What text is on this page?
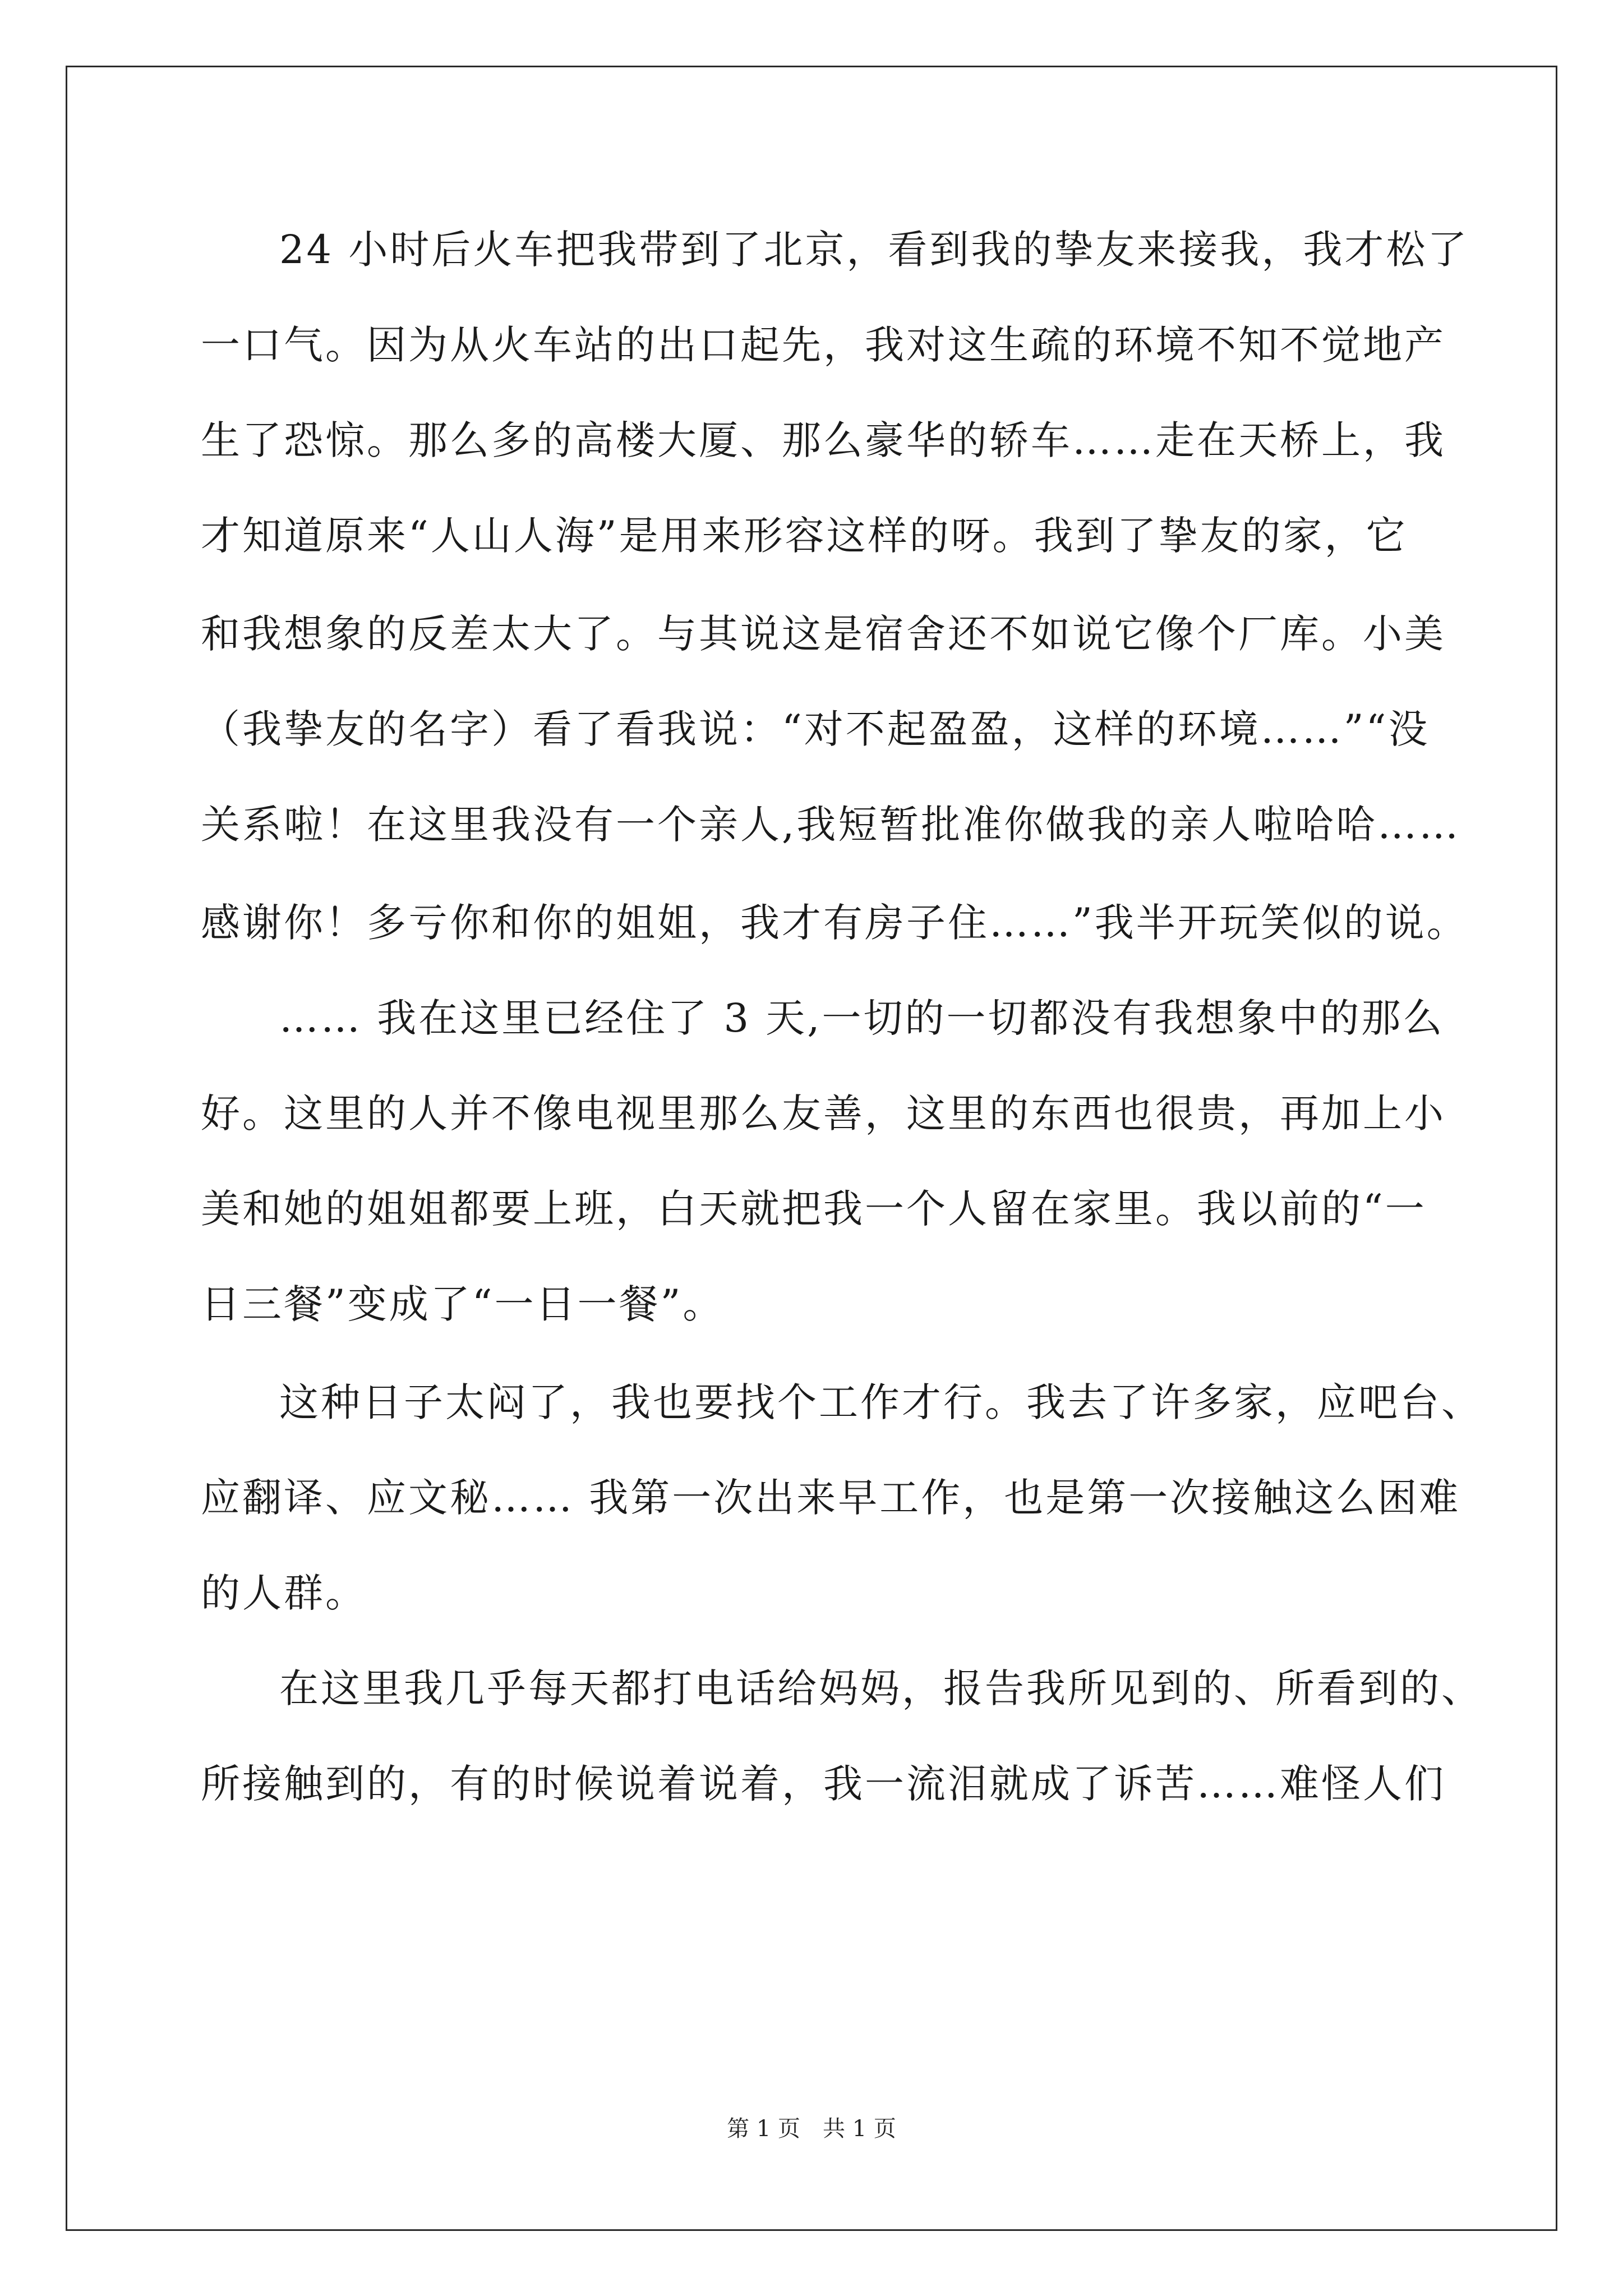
24 小时后火车把我带到了北京，看到我的挚友来接我，我才松了
一口气。因为从火车站的出口起先，我对这生疏的环境不知不觉地产
生了恐惊。那么多的高楼大厦、那么豪华的轿车……走在天桥上，我
才知道原来“人山人海”是用来形容这样的呀。我到了挚友的家，它
和我想象的反差太大了。与其说这是宿舍还不如说它像个厂库。小美
（我挚友的名字）看了看我说：“对不起盈盈，这样的环境……”“没
关系啦！在这里我没有一个亲人,我短暂批准你做我的亲人啦哈哈……
感谢你！多亏你和你的姐姐，我才有房子住……”我半开玩笑似的说。
…… 我在这里已经住了 3 天,一切的一切都没有我想象中的那么
好。这里的人并不像电视里那么友善，这里的东西也很贵，再加上小
美和她的姐姐都要上班，白天就把我一个人留在家里。我以前的“一
日三餐”变成了“一日一餐”。
这种日子太闷了，我也要找个工作才行。我去了许多家，应吧台、
应翻译、应文秘…… 我第一次出来早工作，也是第一次接触这么困难
的人群。
在这里我几乎每天都打电话给妈妈，报告我所见到的、所看到的、
所接触到的，有的时候说着说着，我一流泪就成了诉苦……难怪人们
第 1 页　共 1 页
